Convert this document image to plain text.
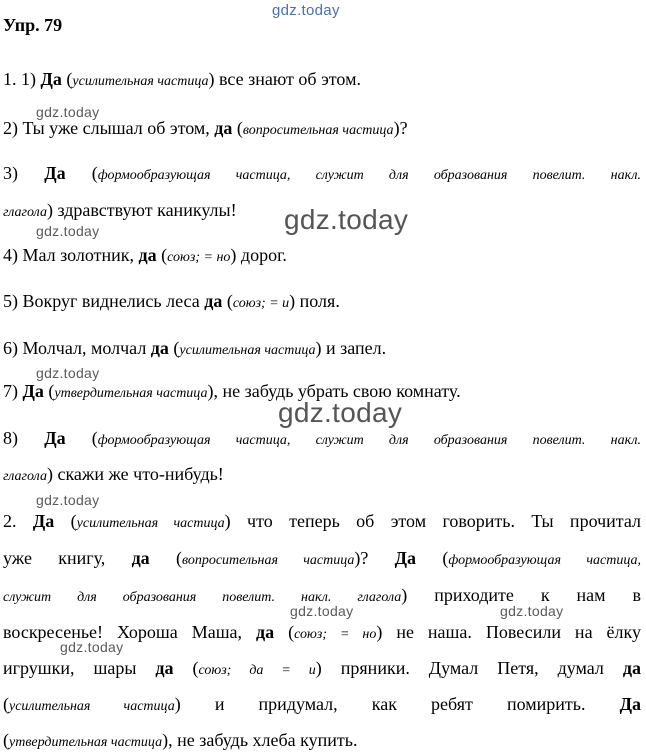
gdz.today
Упр. 79
1. 1) Да (усилительная частица) все знают об этом.
gdz.today
2) Ты уже слышал об этом, да (вопросительная частица)?
3) Да (формообразующая частица, служит для образования повелит. накл.
глагола) здравствуют каникулы! gdz.today
gdz.today
4) Мал золотник, да (союз; = но) дорог.
5) Вокруг виднелись леса да (союз; = и) поля.
6) Молчал, молчал да (усилительная частица) и запел.
gdz.today
7) Да (утвердительная частица), не забудь убрать свою комнату.
gdz.today
8) Да (формообразующая частица, служит для образования повелит. накл.
глагола) скажи же что-нибудь!
gdz.today
2. Да (усилительная частица) что теперь об этом говорить. Ты прочитал
уже книгу, да (вопросительная частица)? Да (формообразующая частица,
служит для образования повелит. накл. глагола) приходите к нам в
gdz.today	gdz.today
воскресенье! Хороша Маша, да (союз; = но) не наша. Повесили на ёлку
gdz.today
игрушки, шары да (союз; да = и) пряники. Думал Петя, думал да
(усилительная частица) и придумал, как ребят помирить. Да
(утвердительная частица), не забудь хлеба купить.
